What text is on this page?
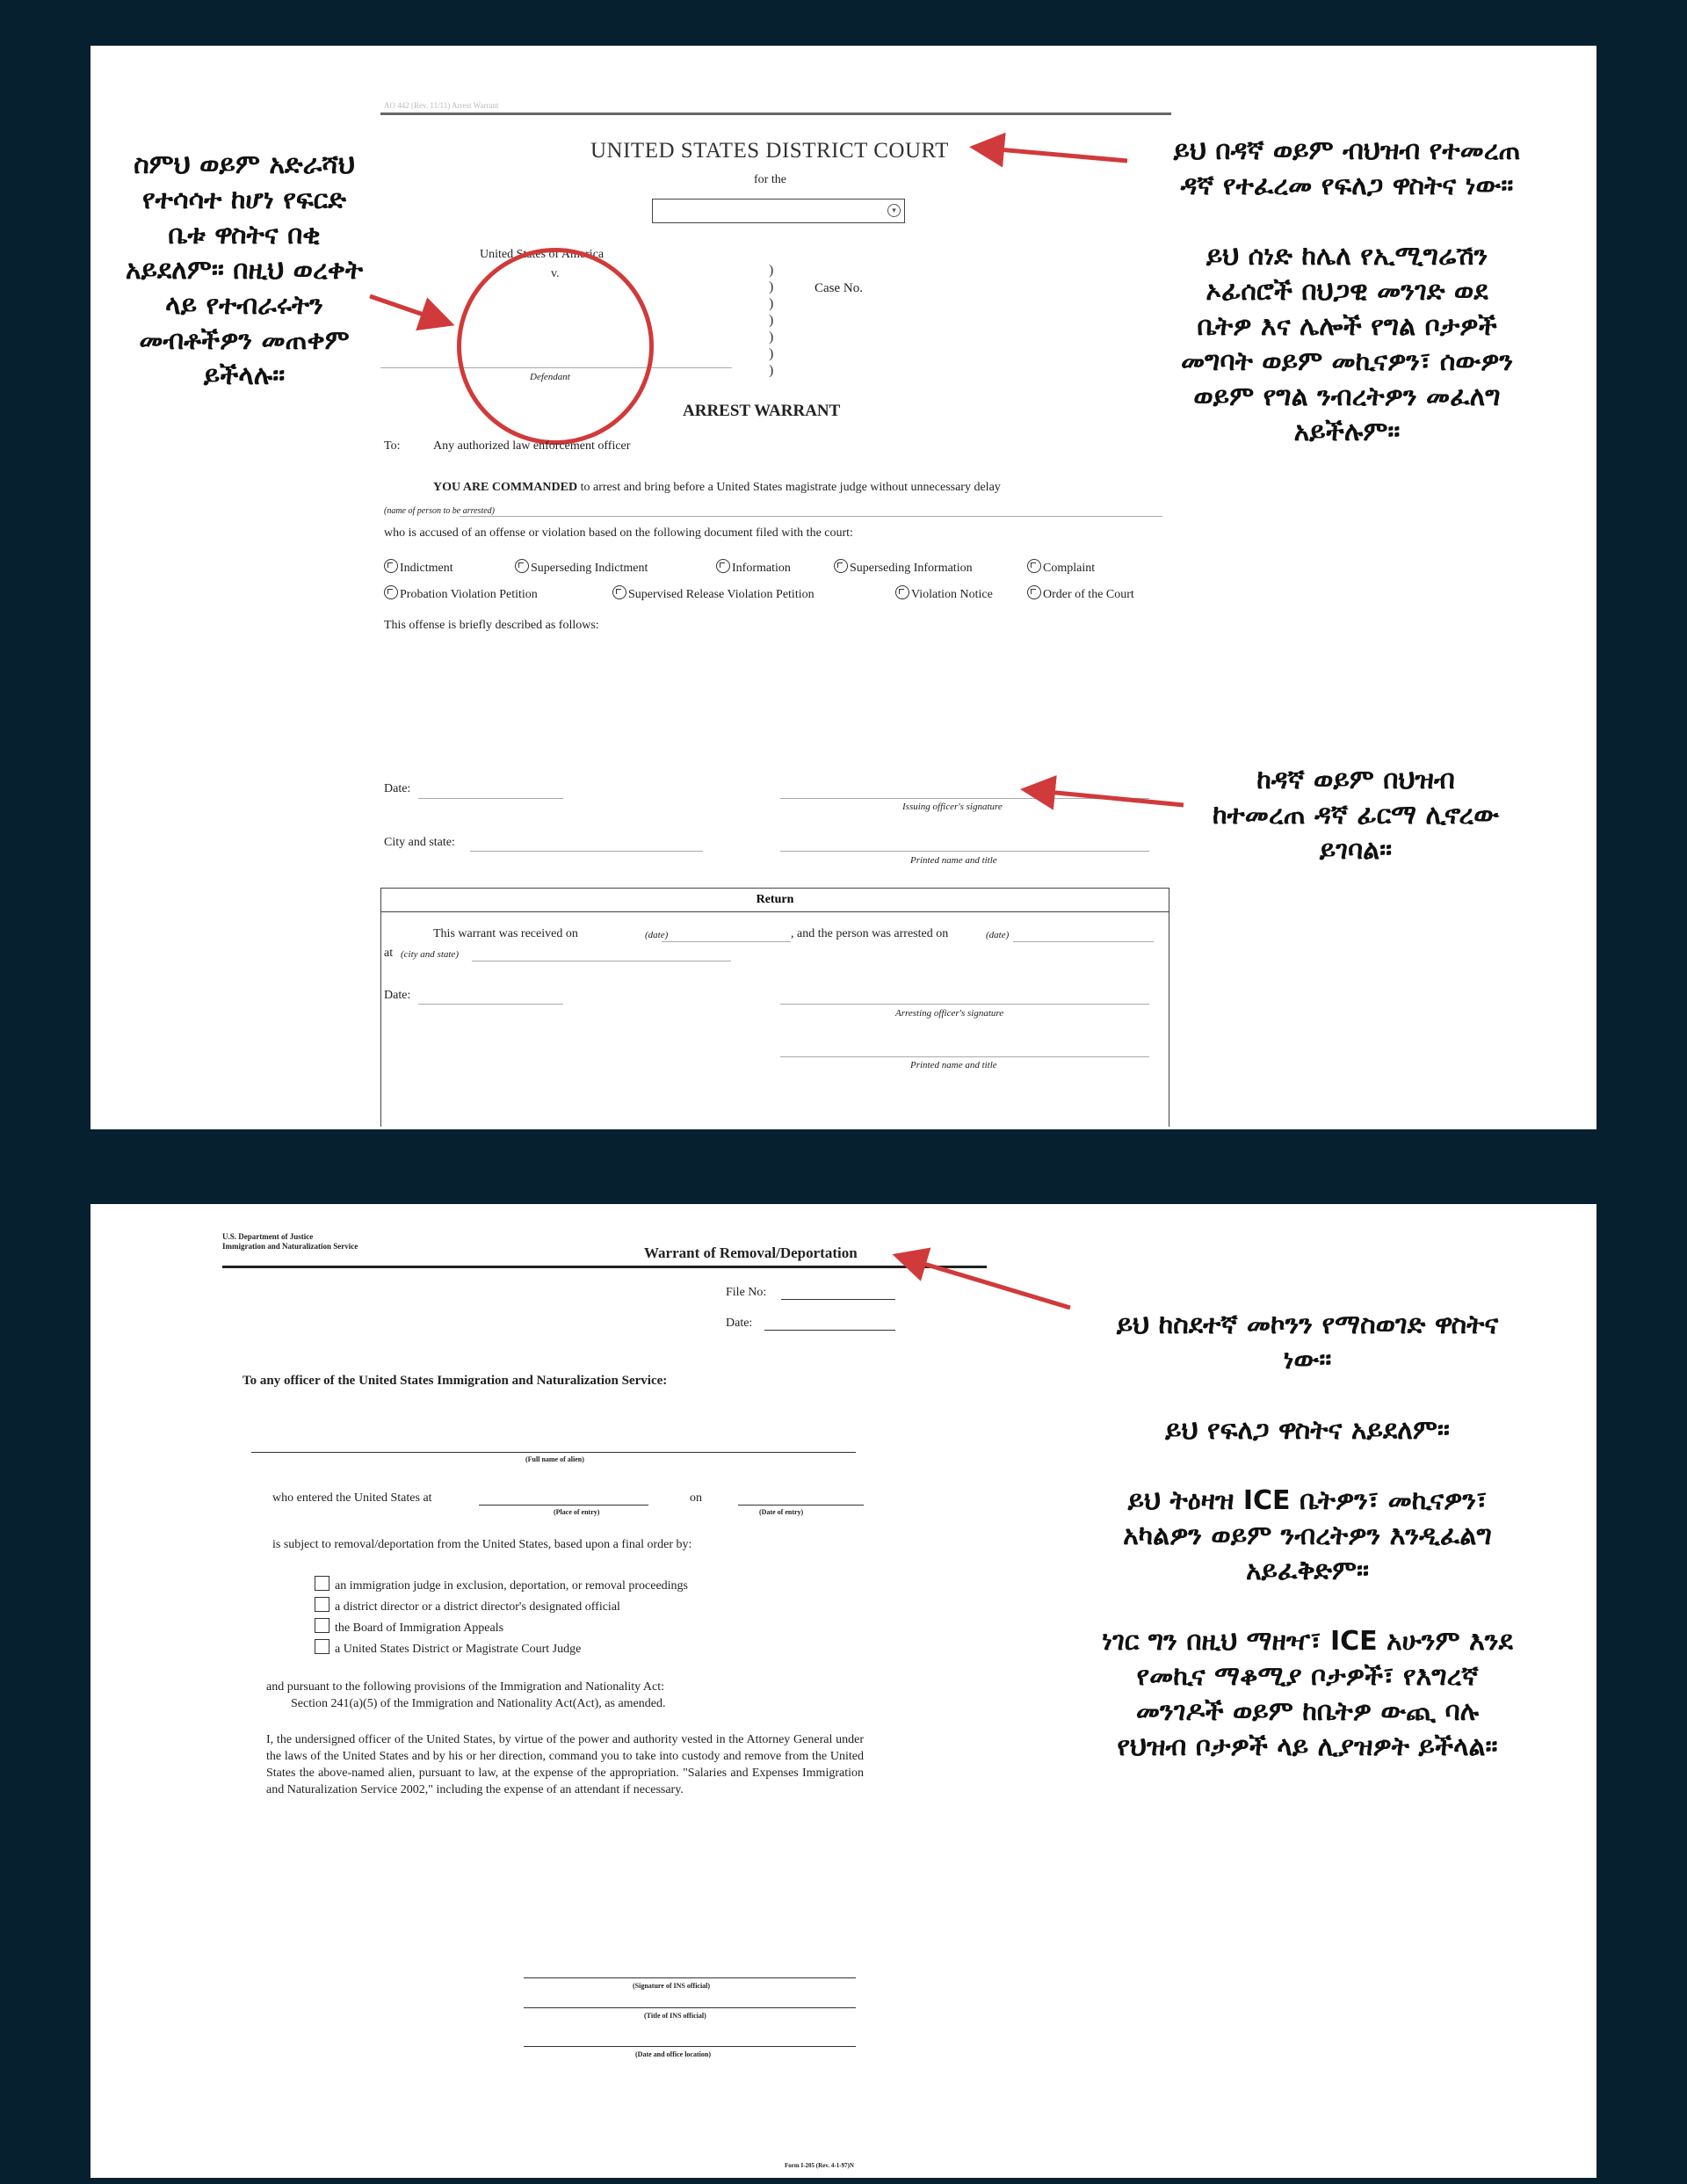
AO 442 (Rev. 11/11) Arrest Warrant
UNITED STATES DISTRICT COURT
for the
▾
United States of America
v.	)
)
)
)
)
)
)
Case No.
Defendant
ARREST WARRANT
To:	Any authorized law enforcement officer
YOU ARE COMMANDED to arrest and bring before a United States magistrate judge without unnecessary delay
(name of person to be arrested)
who is accused of an offense or violation based on the following document filed with the court:
Indictment	Superseding Indictment	Information	Superseding Information	Complaint
Probation Violation Petition	Supervised Release Violation Petition	Violation Notice	Order of the Court
This offense is briefly described as follows:
Date:
Issuing officer's signature
City and state:
Printed name and title
Return
This warrant was received on	(date)	, and the person was arrested on	(date)
at (city and state)
Date:
Arresting officer's signature
Printed name and title
ስምህ ወይም አድራሻህ
የተሳሳተ ከሆነ የፍርድ
ቤቱ ዋስትና በቂ
አይደለም። በዚህ ወረቀት
ላይ የተብራሩትን
መብቶችዎን መጠቀም
ይችላሉ።
ይህ በዳኛ ወይም ብህዝብ የተመረጠ
ዳኛ የተፈረመ የፍለጋ ዋስትና ነው።

ይህ ሰነድ ከሌለ የኢሚግሬሽን
ኦፊሰሮች በህጋዊ መንገድ ወደ
ቤትዎ እና ሌሎች የግል ቦታዎች
መግባት ወይም መኪናዎን፣ ሰውዎን
ወይም የግል ንብረትዎን መፈለግ
አይችሉም።
ከዳኛ ወይም በህዝብ
ከተመረጠ ዳኛ ፊርማ ሊኖረው
ይገባል።
U.S. Department of Justice
Immigration and Naturalization Service	Warrant of Removal/Deportation
File No:
Date:
To any officer of the United States Immigration and Naturalization Service:
(Full name of alien)
who entered the United States at	on
(Place of entry)	(Date of entry)
is subject to removal/deportation from the United States, based upon a final order by:
an immigration judge in exclusion, deportation, or removal proceedings
a district director or a district director's designated official
the Board of Immigration Appeals
a United States District or Magistrate Court Judge
and pursuant to the following provisions of the Immigration and Nationality Act:
Section 241(a)(5) of the Immigration and Nationality Act(Act), as amended.
I, the undersigned officer of the United States, by virtue of the power and authority vested in the Attorney General under the laws of the United States and by his or her direction, command you to take into custody and remove from the United States the above-named alien, pursuant to law, at the expense of the appropriation. "Salaries and Expenses Immigration and Naturalization Service 2002," including the expense of an attendant if necessary.
(Signature of INS official)
(Title of INS official)
(Date and office location)
Form I-205 (Rev. 4-1-97)N
ይህ ከስደተኛ መኮንን የማስወገድ ዋስትና
ነው።

ይህ የፍለጋ ዋስትና አይደለም።

ይህ ትዕዛዝ ICE ቤትዎን፣ መኪናዎን፣
አካልዎን ወይም ንብረትዎን እንዲፈልግ
አይፈቅድም።

ነገር ግን በዚህ ማዘዣ፣ ICE አሁንም እንደ
የመኪና ማቆሚያ ቦታዎች፣ የእግረኛ
መንገዶች ወይም ከቤትዎ ውጪ ባሉ
የህዝብ ቦታዎች ላይ ሊያዝዎት ይችላል።
